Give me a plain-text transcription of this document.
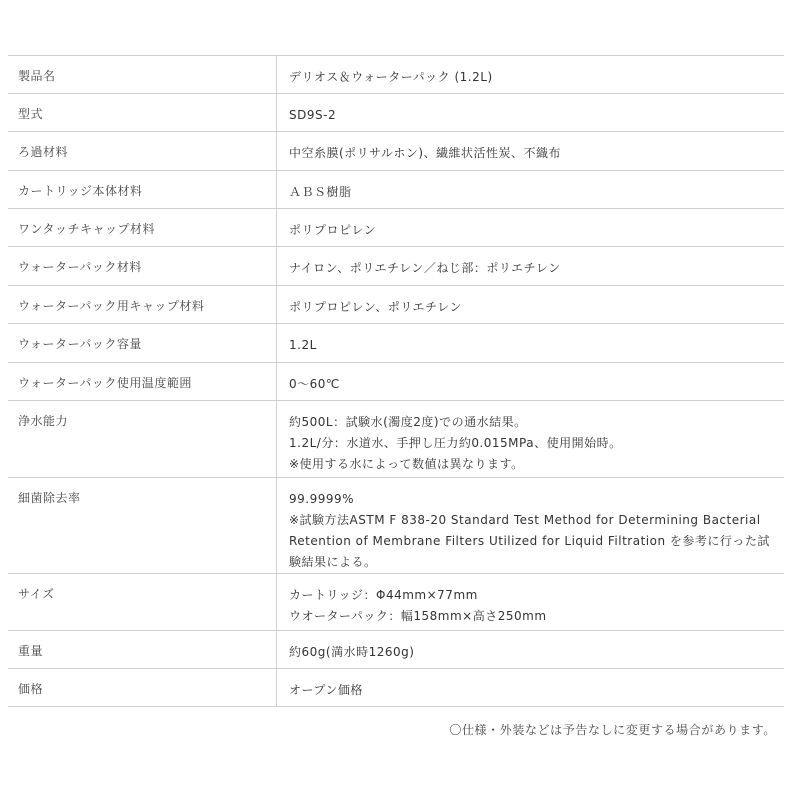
製品名	デリオス＆ウォーターパック (1.2L)
型式	SD9S-2
ろ過材料	中空糸膜(ポリサルホン)、繊維状活性炭、不織布
カートリッジ本体材料	ＡＢＳ樹脂
ワンタッチキャップ材料	ポリプロピレン
ウォーターパック材料	ナイロン、ポリエチレン／ねじ部：ポリエチレン
ウォーターパック用キャップ材料	ポリプロピレン、ポリエチレン
ウォーターパック容量	1.2L
ウォーターパック使用温度範囲	0～60℃
浄水能力	約500L：試験水(濁度2度)での通水結果。
1.2L/分：水道水、手押し圧力約0.015MPa、使用開始時。
※使用する水によって数値は異なります。
細菌除去率	99.9999%
※試験方法ASTM F 838-20 Standard Test Method for Determining Bacterial
Retention of Membrane Filters Utilized for Liquid Filtration を参考に行った試
験結果による。
サイズ	カートリッジ：Φ44mm×77mm
ウオーターパック：幅158mm×高さ250mm
重量	約60g(満水時1260g)
価格	オープン価格
〇仕様・外装などは予告なしに変更する場合があります。
